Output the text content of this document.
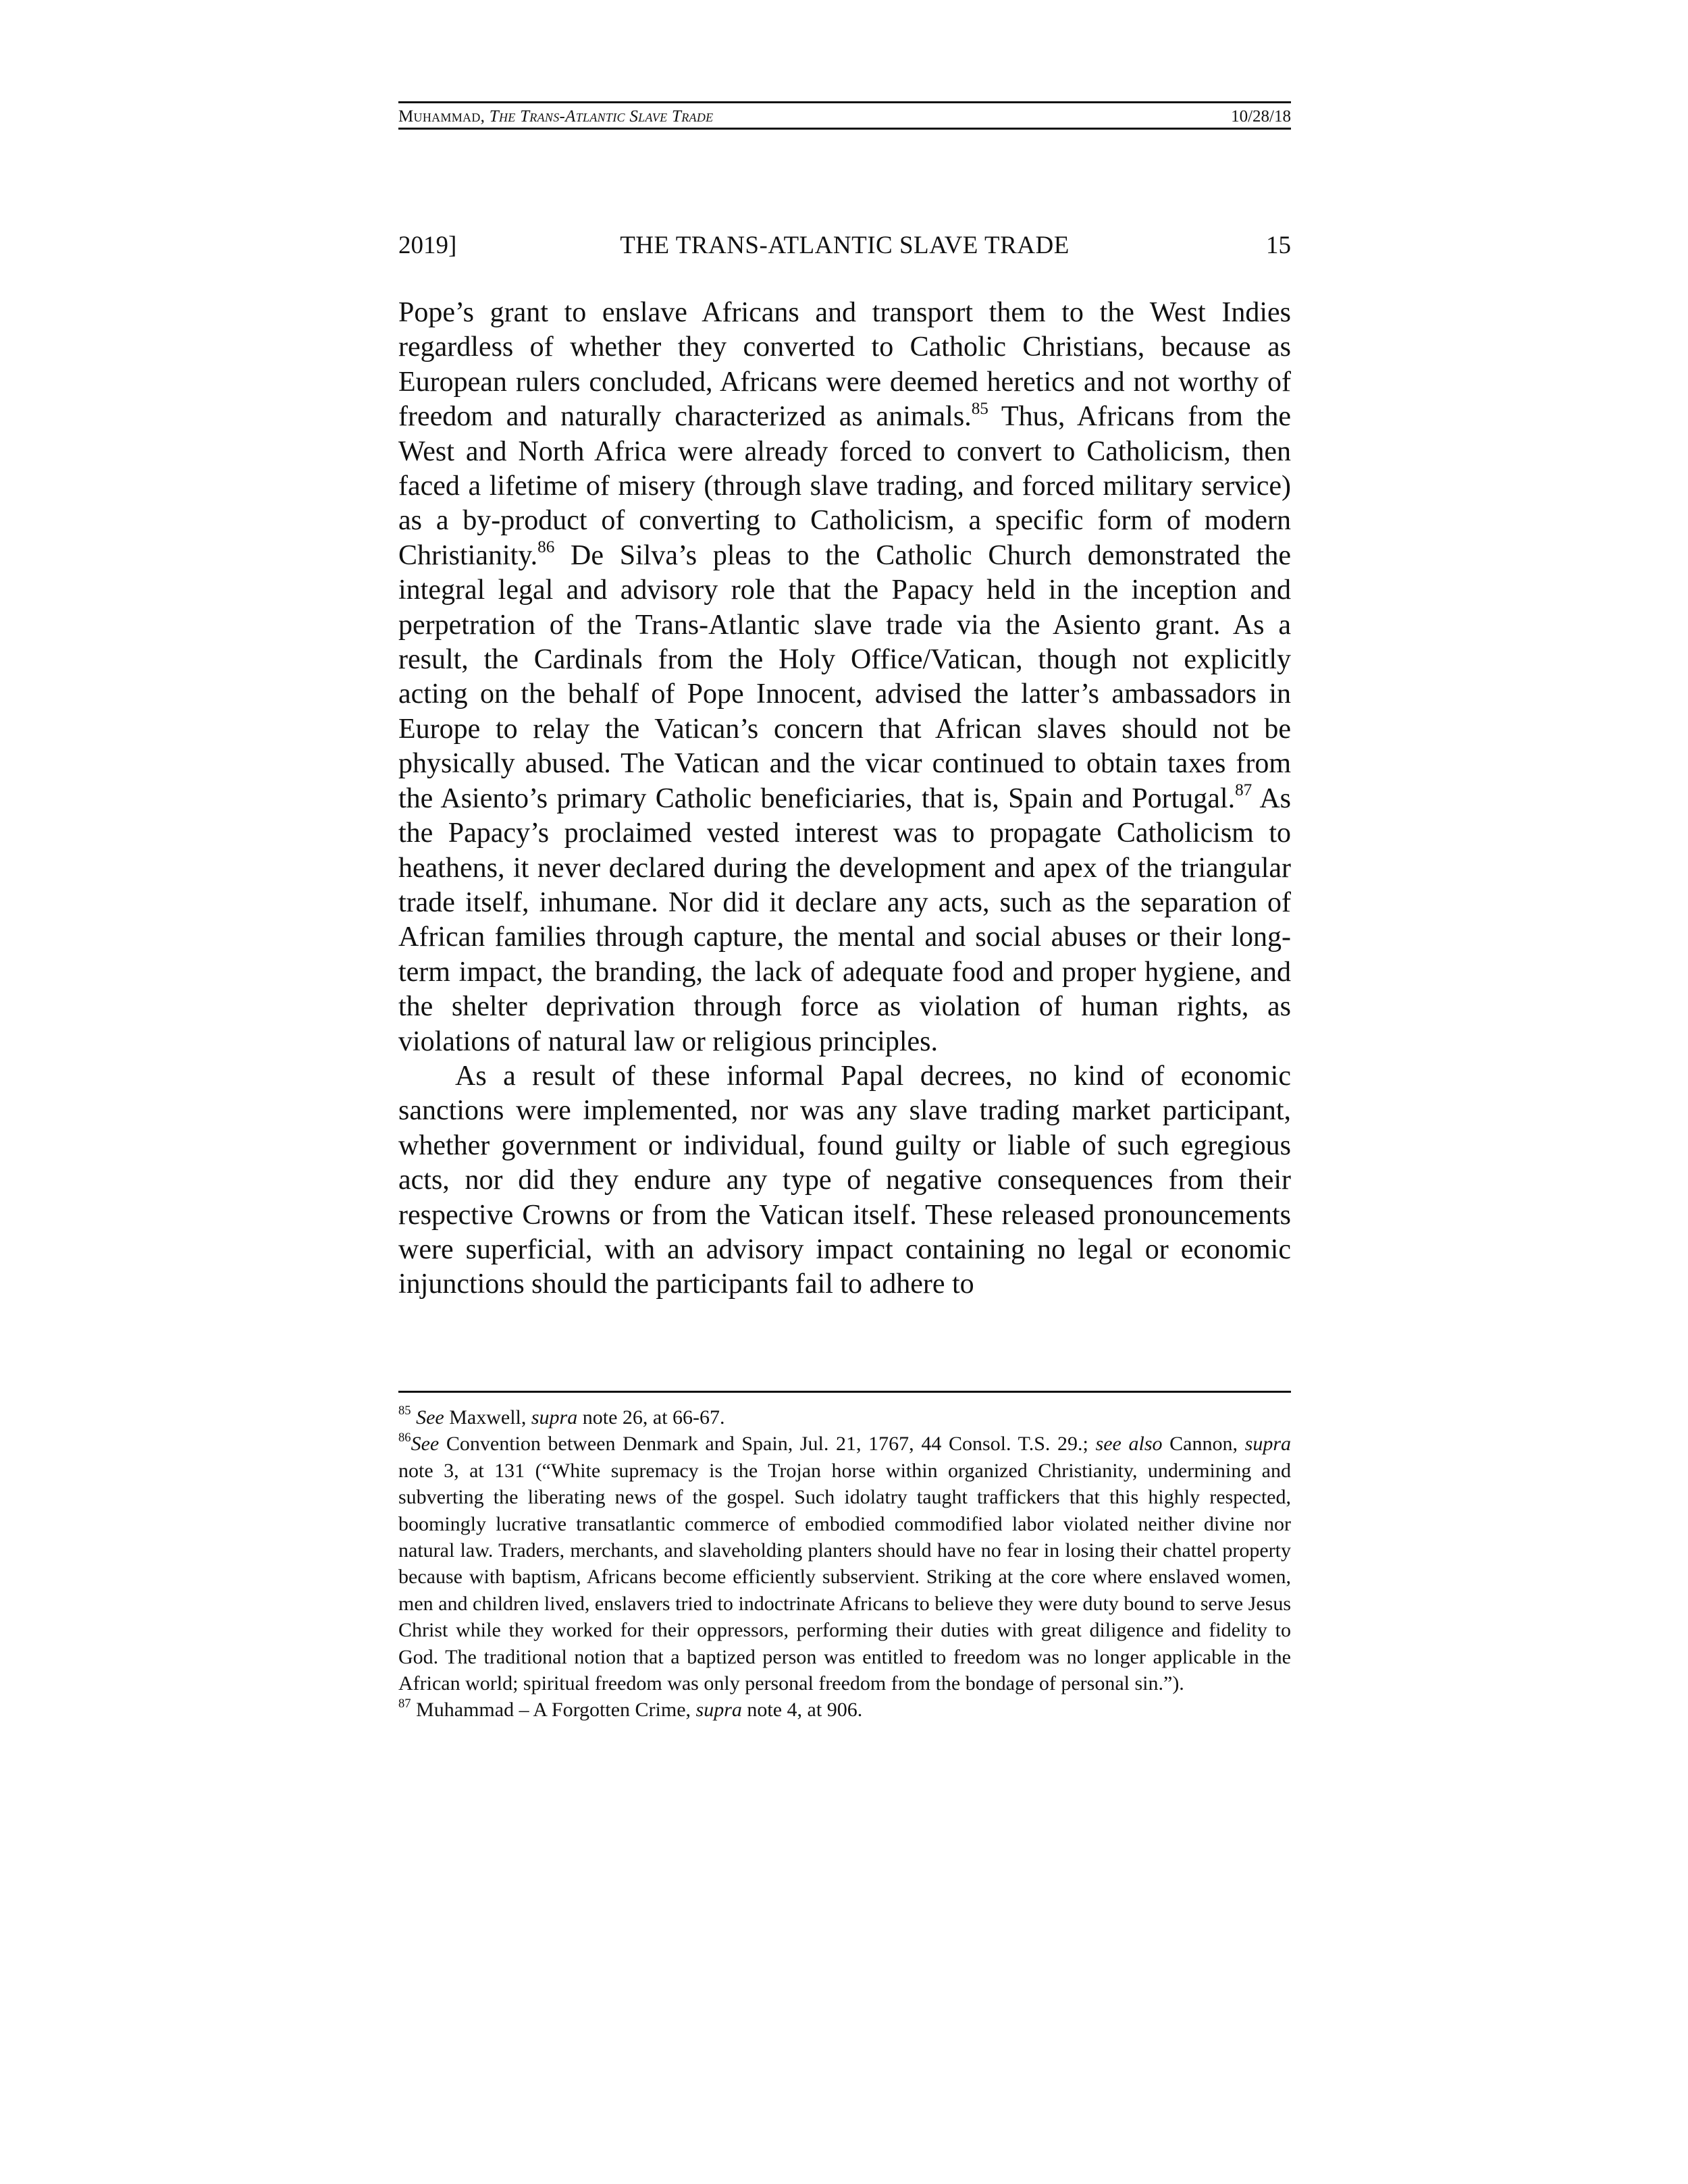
Muhammad, The Trans-Atlantic Slave Trade	10/28/18
2019]	THE TRANS-ATLANTIC SLAVE TRADE	15

Pope’s grant to enslave Africans and transport them to the West Indies regardless of whether they converted to Catholic Christians, because as European rulers concluded, Africans were deemed heretics and not worthy of freedom and naturally characterized as animals.$^{85}$ Thus, Africans from the West and North Africa were already forced to convert to Catholicism, then faced a lifetime of misery (through slave trading, and forced military service) as a by-product of converting to Catholicism, a specific form of modern Christianity.$^{86}$ De Silva’s pleas to the Catholic Church demonstrated the integral legal and advisory role that the Papacy held in the inception and perpetration of the Trans-Atlantic slave trade via the Asiento grant. As a result, the Cardinals from the Holy Office/Vatican, though not explicitly acting on the behalf of Pope Innocent, advised the latter’s ambassadors in Europe to relay the Vatican’s concern that African slaves should not be physically abused. The Vatican and the vicar continued to obtain taxes from the Asiento’s primary Catholic beneficiaries, that is, Spain and Portugal.$^{87}$ As the Papacy’s proclaimed vested interest was to propagate Catholicism to heathens, it never declared during the development and apex of the triangular trade itself, inhumane. Nor did it declare any acts, such as the separation of African families through capture, the mental and social abuses or their long-term impact, the branding, the lack of adequate food and proper hygiene, and the shelter deprivation through force as violation of human rights, as violations of natural law or religious principles.

As a result of these informal Papal decrees, no kind of economic sanctions were implemented, nor was any slave trading market participant, whether government or individual, found guilty or liable of such egregious acts, nor did they endure any type of negative consequences from their respective Crowns or from the Vatican itself. These released pronouncements were superficial, with an advisory impact containing no legal or economic injunctions should the participants fail to adhere to

$^{85}$ See Maxwell, supra note 26, at 66-67.

$^{86}$See Convention between Denmark and Spain, Jul. 21, 1767, 44 Consol. T.S. 29.; see also Cannon, supra note 3, at 131 (“White supremacy is the Trojan horse within organized Christianity, undermining and subverting the liberating news of the gospel. Such idolatry taught traffickers that this highly respected, boomingly lucrative transatlantic commerce of embodied commodified labor violated neither divine nor natural law. Traders, merchants, and slaveholding planters should have no fear in losing their chattel property because with baptism, Africans become efficiently subservient. Striking at the core where enslaved women, men and children lived, enslavers tried to indoctrinate Africans to believe they were duty bound to serve Jesus Christ while they worked for their oppressors, performing their duties with great diligence and fidelity to God. The traditional notion that a baptized person was entitled to freedom was no longer applicable in the African world; spiritual freedom was only personal freedom from the bondage of personal sin.”).

$^{87}$ Muhammad – A Forgotten Crime, supra note 4, at 906.
